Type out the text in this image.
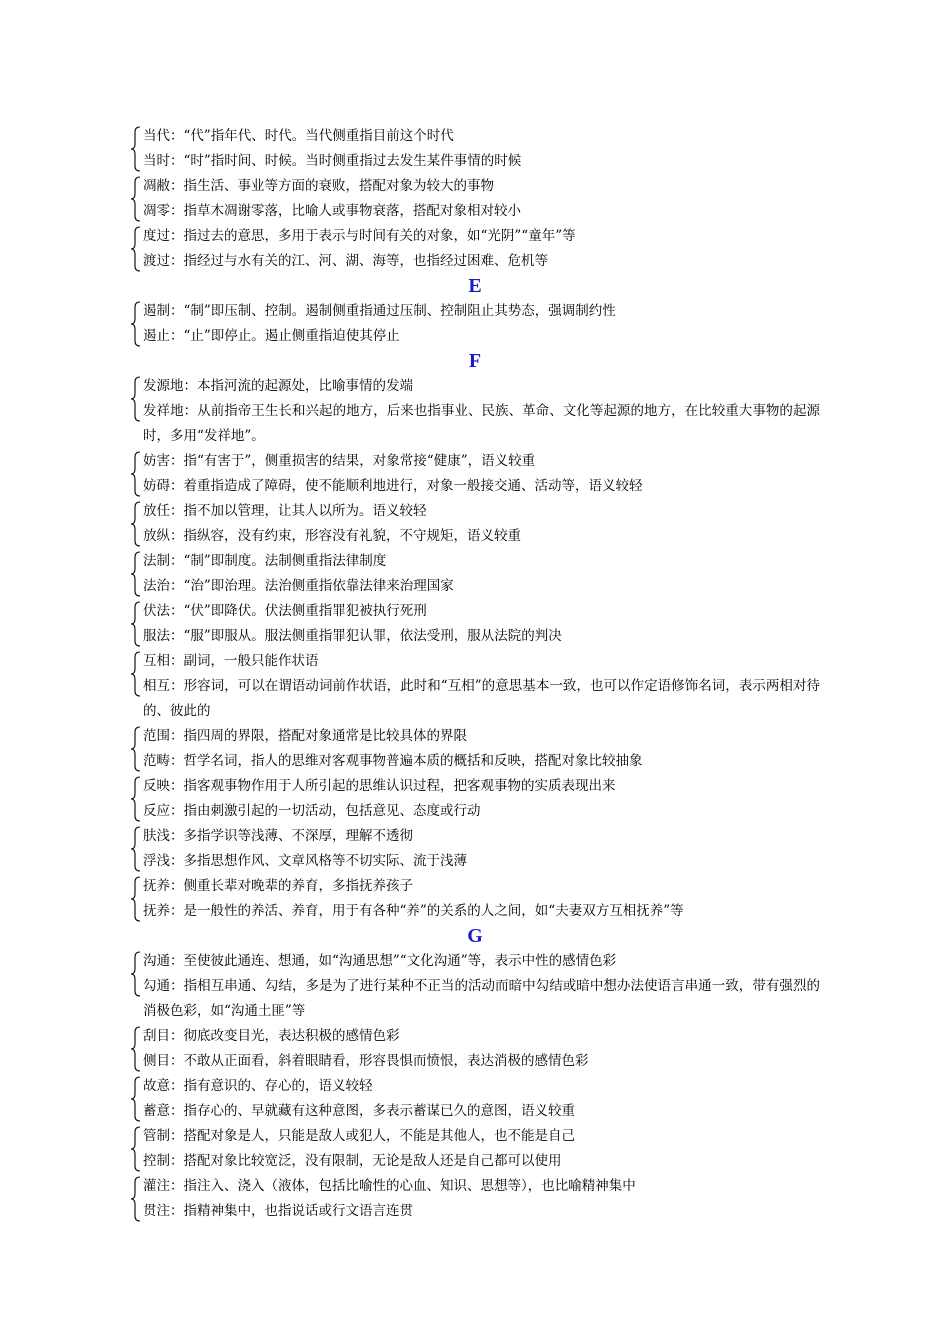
当代：“代”指年代、时代。当代侧重指目前这个时代
当时：“时”指时间、时候。当时侧重指过去发生某件事情的时候
凋敝：指生活、事业等方面的衰败，搭配对象为较大的事物
凋零：指草木凋谢零落，比喻人或事物衰落，搭配对象相对较小
度过：指过去的意思，多用于表示与时间有关的对象，如“光阴”“童年”等
渡过：指经过与水有关的江、河、湖、海等，也指经过困难、危机等
E
遏制：“制”即压制、控制。遏制侧重指通过压制、控制阻止其势态，强调制约性
遏止：“止”即停止。遏止侧重指迫使其停止
F
发源地：本指河流的起源处，比喻事情的发端
发祥地：从前指帝王生长和兴起的地方，后来也指事业、民族、革命、文化等起源的地方，在比较重大事物的起源时，多用“发祥地”。
妨害：指“有害于”，侧重损害的结果，对象常接“健康”，语义较重
妨碍：着重指造成了障碍，使不能顺利地进行，对象一般接交通、活动等，语义较轻
放任：指不加以管理，让其人以所为。语义较轻
放纵：指纵容，没有约束，形容没有礼貌，不守规矩，语义较重
法制：“制”即制度。法制侧重指法律制度
法治：“治”即治理。法治侧重指依靠法律来治理国家
伏法：“伏”即降伏。伏法侧重指罪犯被执行死刑
服法：“服”即服从。服法侧重指罪犯认罪，依法受刑，服从法院的判决
互相：副词，一般只能作状语
相互：形容词，可以在谓语动词前作状语，此时和“互相”的意思基本一致，也可以作定语修饰名词，表示两相对待的、彼此的
范围：指四周的界限，搭配对象通常是比较具体的界限
范畴：哲学名词，指人的思维对客观事物普遍本质的概括和反映，搭配对象比较抽象
反映：指客观事物作用于人所引起的思维认识过程，把客观事物的实质表现出来
反应：指由刺激引起的一切活动，包括意见、态度或行动
肤浅：多指学识等浅薄、不深厚，理解不透彻
浮浅：多指思想作风、文章风格等不切实际、流于浅薄
抚养：侧重长辈对晚辈的养育，多指抚养孩子
抚养：是一般性的养活、养育，用于有各种“养”的关系的人之间，如“夫妻双方互相抚养”等
G
沟通：至使彼此通连、想通，如“沟通思想”“文化沟通”等，表示中性的感情色彩
勾通：指相互串通、勾结，多是为了进行某种不正当的活动而暗中勾结或暗中想办法使语言串通一致，带有强烈的消极色彩，如“沟通土匪”等
刮目：彻底改变目光，表达积极的感情色彩
侧目：不敢从正面看，斜着眼睛看，形容畏惧而愤恨，表达消极的感情色彩
故意：指有意识的、存心的，语义较轻
蓄意：指存心的、早就藏有这种意图，多表示蓄谋已久的意图，语义较重
管制：搭配对象是人，只能是敌人或犯人，不能是其他人，也不能是自己
控制：搭配对象比较宽泛，没有限制，无论是敌人还是自己都可以使用
灌注：指注入、浇入（液体，包括比喻性的心血、知识、思想等），也比喻精神集中
贯注：指精神集中，也指说话或行文语言连贯
